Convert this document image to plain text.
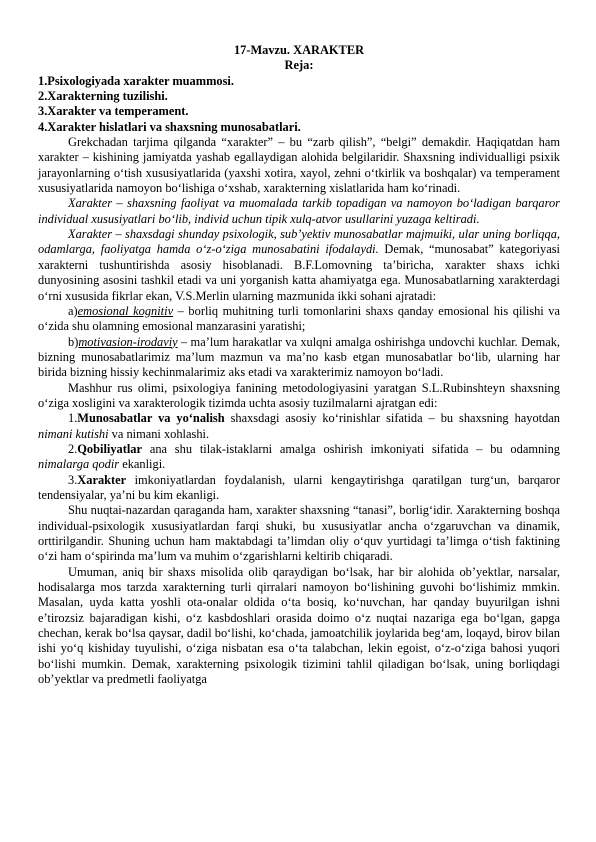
17-Mavzu. XARAKTER
Reja:
1.Psixologiyada xarakter muammosi.
2.Xarakterning tuzilishi.
3.Xarakter va temperament.
4.Xarakter hislatlari va shaxsning munosabatlari.

Grekchadan tarjima qilganda “xarakter” – bu “zarb qilish”, “belgi” demakdir. Haqiqatdan ham xarakter – kishining jamiyatda yashab egallaydigan alohida belgilaridir. Shaxsning individualligi psixik jarayonlarning o‘tish xususiyatlarida (yaxshi xotira, xayol, zehni o‘tkirlik va boshqalar) va temperament xususiyatlarida namoyon bo‘lishiga o‘xshab, xarakterning xislatlarida ham ko‘rinadi.

Xarakter – shaxsning faoliyat va muomalada tarkib topadigan va namoyon bo‘ladigan barqaror individual xususiyatlari bo‘lib, individ uchun tipik xulq-atvor usullarini yuzaga keltiradi.

Xarakter – shaxsdagi shunday psixologik, sub’yektiv munosabatlar majmuiki, ular uning borliqqa, odamlarga, faoliyatga hamda o‘z-o‘ziga munosabatini ifodalaydi. Demak, “munosabat” kategoriyasi xarakterni tushuntirishda asosiy hisoblanadi. B.F.Lomovning ta’biricha, xarakter shaxs ichki dunyosining asosini tashkil etadi va uni yorganish katta ahamiyatga ega. Munosabatlarning xarakterdagi o‘rni xususida fikrlar ekan, V.S.Merlin ularning mazmunida ikki sohani ajratadi:

a)emosional kognitiv – borliq muhitning turli tomonlarini shaxs qanday emosional his qilishi va o‘zida shu olamning emosional manzarasini yaratishi;

b)motivasion-irodaviy – ma’lum harakatlar va xulqni amalga oshirishga undovchi kuchlar. Demak, bizning munosabatlarimiz ma’lum mazmun va ma’no kasb etgan munosabatlar bo‘lib, ularning har birida bizning hissiy kechinmalarimiz aks etadi va xarakterimiz namoyon bo‘ladi.

Mashhur rus olimi, psixologiya fanining metodologiyasini yaratgan S.L.Rubinshteyn shaxsning o‘ziga xosligini va xarakterologik tizimda uchta asosiy tuzilmalarni ajratgan edi:

1.Munosabatlar va yo‘nalish shaxsdagi asosiy ko‘rinishlar sifatida – bu shaxsning hayotdan nimani kutishi va nimani xohlashi.

2.Qobiliyatlar ana shu tilak-istaklarni amalga oshirish imkoniyati sifatida – bu odamning nimalarga qodir ekanligi.

3.Xarakter imkoniyatlardan foydalanish, ularni kengaytirishga qaratilgan turg‘un, barqaror tendensiyalar, ya’ni bu kim ekanligi.

Shu nuqtai-nazardan qaraganda ham, xarakter shaxsning “tanasi”, borlig‘idir. Xarakterning boshqa individual-psixologik xususiyatlardan farqi shuki, bu xususiyatlar ancha o‘zgaruvchan va dinamik, orttirilgandir. Shuning uchun ham maktabdagi ta’limdan oliy o‘quv yurtidagi ta’limga o‘tish faktining o‘zi ham o‘spirinda ma’lum va muhim o‘zgarishlarni keltirib chiqaradi.

Umuman, aniq bir shaxs misolida olib qaraydigan bo‘lsak, har bir alohida ob’yektlar, narsalar, hodisalarga mos tarzda xarakterning turli qirralari namoyon bo‘lishining guvohi bo‘lishimiz mmkin. Masalan, uyda katta yoshli ota-onalar oldida o‘ta bosiq, ko‘nuvchan, har qanday buyurilgan ishni e’tirozsiz bajaradigan kishi, o‘z kasbdoshlari orasida doimo o‘z nuqtai nazariga ega bo‘lgan, gapga chechan, kerak bo‘lsa qaysar, dadil bo‘lishi, ko‘chada, jamoatchilik joylarida beg‘am, loqayd, birov bilan ishi yo‘q kishiday tuyulishi, o‘ziga nisbatan esa o‘ta talabchan, lekin egoist, o‘z-o‘ziga bahosi yuqori bo‘lishi mumkin. Demak, xarakterning psixologik tizimini tahlil qiladigan bo‘lsak, uning borliqdagi ob’yektlar va predmetli faoliyatga
